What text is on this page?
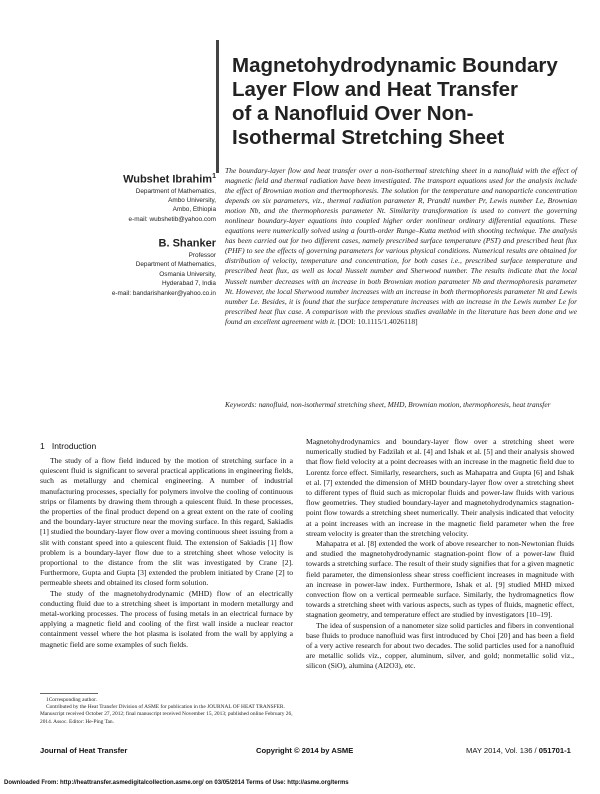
Magnetohydrodynamic Boundary
Layer Flow and Heat Transfer
of a Nanofluid Over Non-
Isothermal Stretching Sheet
Wubshet Ibrahim$^1$
Department of Mathematics,
Ambo University,
Ambo, Ethiopia
e-mail: wubshetib@yahoo.com
B. Shanker
Professor
Department of Mathematics,
Osmania University,
Hyderabad 7, India
e-mail: bandarishanker@yahoo.co.in
The boundary-layer flow and heat transfer over a non-isothermal stretching sheet in a nanofluid with the effect of magnetic field and thermal radiation have been investigated. The transport equations used for the analysis include the effect of Brownian motion and thermophoresis. The solution for the temperature and nanoparticle concentration depends on six parameters, viz., thermal radiation parameter R, Prandtl number Pr, Lewis number Le, Brownian motion Nb, and the thermophoresis parameter Nt. Similarity transformation is used to convert the governing nonlinear boundary-layer equations into coupled higher order nonlinear ordinary differential equations. These equations were numerically solved using a fourth-order Runge–Kutta method with shooting technique. The analysis has been carried out for two different cases, namely prescribed surface temperature (PST) and prescribed heat flux (PHF) to see the effects of governing parameters for various physical conditions. Numerical results are obtained for distribution of velocity, temperature and concentration, for both cases i.e., prescribed surface temperature and prescribed heat flux, as well as local Nusselt number and Sherwood number. The results indicate that the local Nusselt number decreases with an increase in both Brownian motion parameter Nb and thermophoresis parameter Nt. However, the local Sherwood number increases with an increase in both thermophoresis parameter Nt and Lewis number Le. Besides, it is found that the surface temperature increases with an increase in the Lewis number Le for prescribed heat flux case. A comparison with the previous studies available in the literature has been done and we found an excellent agreement with it. [DOI: 10.1115/1.4026118]
Keywords: nanofluid, non-isothermal stretching sheet, MHD, Brownian motion, thermophoresis, heat transfer
1 Introduction

The study of a flow field induced by the motion of stretching surface in a quiescent fluid is significant to several practical applications in engineering fields, such as metallurgy and chemical engineering. A number of industrial manufacturing processes, specially for polymers involve the cooling of continuous strips or filaments by drawing them through a quiescent fluid. In these processes, the properties of the final product depend on a great extent on the rate of cooling and the boundary-layer structure near the moving surface. In this regard, Sakiadis [1] studied the boundary-layer flow over a moving continuous sheet issuing from a slit with constant speed into a quiescent fluid. The extension of Sakiadis [1] flow problem is a boundary-layer flow due to a stretching sheet whose velocity is proportional to the distance from the slit was investigated by Crane [2]. Furthermore, Gupta and Gupta [3] extended the problem initiated by Crane [2] to permeable sheets and obtained its closed form solution.

The study of the magnetohydrodynamic (MHD) flow of an electrically conducting fluid due to a stretching sheet is important in modern metallurgy and metal-working processes. The process of fusing metals in an electrical furnace by applying a magnetic field and cooling of the first wall inside a nuclear reactor containment vessel where the hot plasma is isolated from the wall by applying a magnetic field are some examples of such fields.

Magnetohydrodynamics and boundary-layer flow over a stretching sheet were numerically studied by Fadzilah et al. [4] and Ishak et al. [5] and their analysis showed that flow field velocity at a point decreases with an increase in the magnetic field due to Lorentz force effect. Similarly, researchers, such as Mahapatra and Gupta [6] and Ishak et al. [7] extended the dimension of MHD boundary-layer flow over a stretching sheet to different types of fluid such as micropolar fluids and power-law fluids with various flow geometries. They studied boundary-layer and magnetohydrodynamics stagnation-point flow towards a stretching sheet numerically. Their analysis indicated that velocity at a point increases with an increase in the magnetic field parameter when the free stream velocity is greater than the stretching velocity.

Mahapatra et al. [8] extended the work of above researcher to non-Newtonian fluids and studied the magnetohydrodynamic stagnation-point flow of a power-law fluid towards a stretching surface. The result of their study signifies that for a given magnetic field parameter, the dimensionless shear stress coefficient increases in magnitude with an increase in power-law index. Furthermore, Ishak et al. [9] studied MHD mixed convection flow on a vertical permeable surface. Similarly, the hydromagnetics flow towards a stretching sheet with various aspects, such as types of fluids, magnetic effect, stagnation geometry, and temperature effect are studied by investigators [10–19].

The idea of suspension of a nanometer size solid particles and fibers in conventional base fluids to produce nanofluid was first introduced by Choi [20] and has been a field of a very active research for about two decades. The solid particles used for a nanofluid are metallic solids viz., copper, aluminum, silver, and gold; nonmetallic solid viz., silicon (SiO), alumina (Al2O3), etc.

1Corresponding author.

Contributed by the Heat Transfer Division of ASME for publication in the JOURNAL OF HEAT TRANSFER. Manuscript received October 27, 2012; final manuscript received November 15, 2013; published online February 26, 2014. Assoc. Editor: He-Ping Tan.

Journal of Heat Transfer	Copyright © 2014 by ASME	MAY 2014, Vol. 136 / 051701-1
Downloaded From: http://heattransfer.asmedigitalcollection.asme.org/ on 03/05/2014 Terms of Use: http://asme.org/terms
